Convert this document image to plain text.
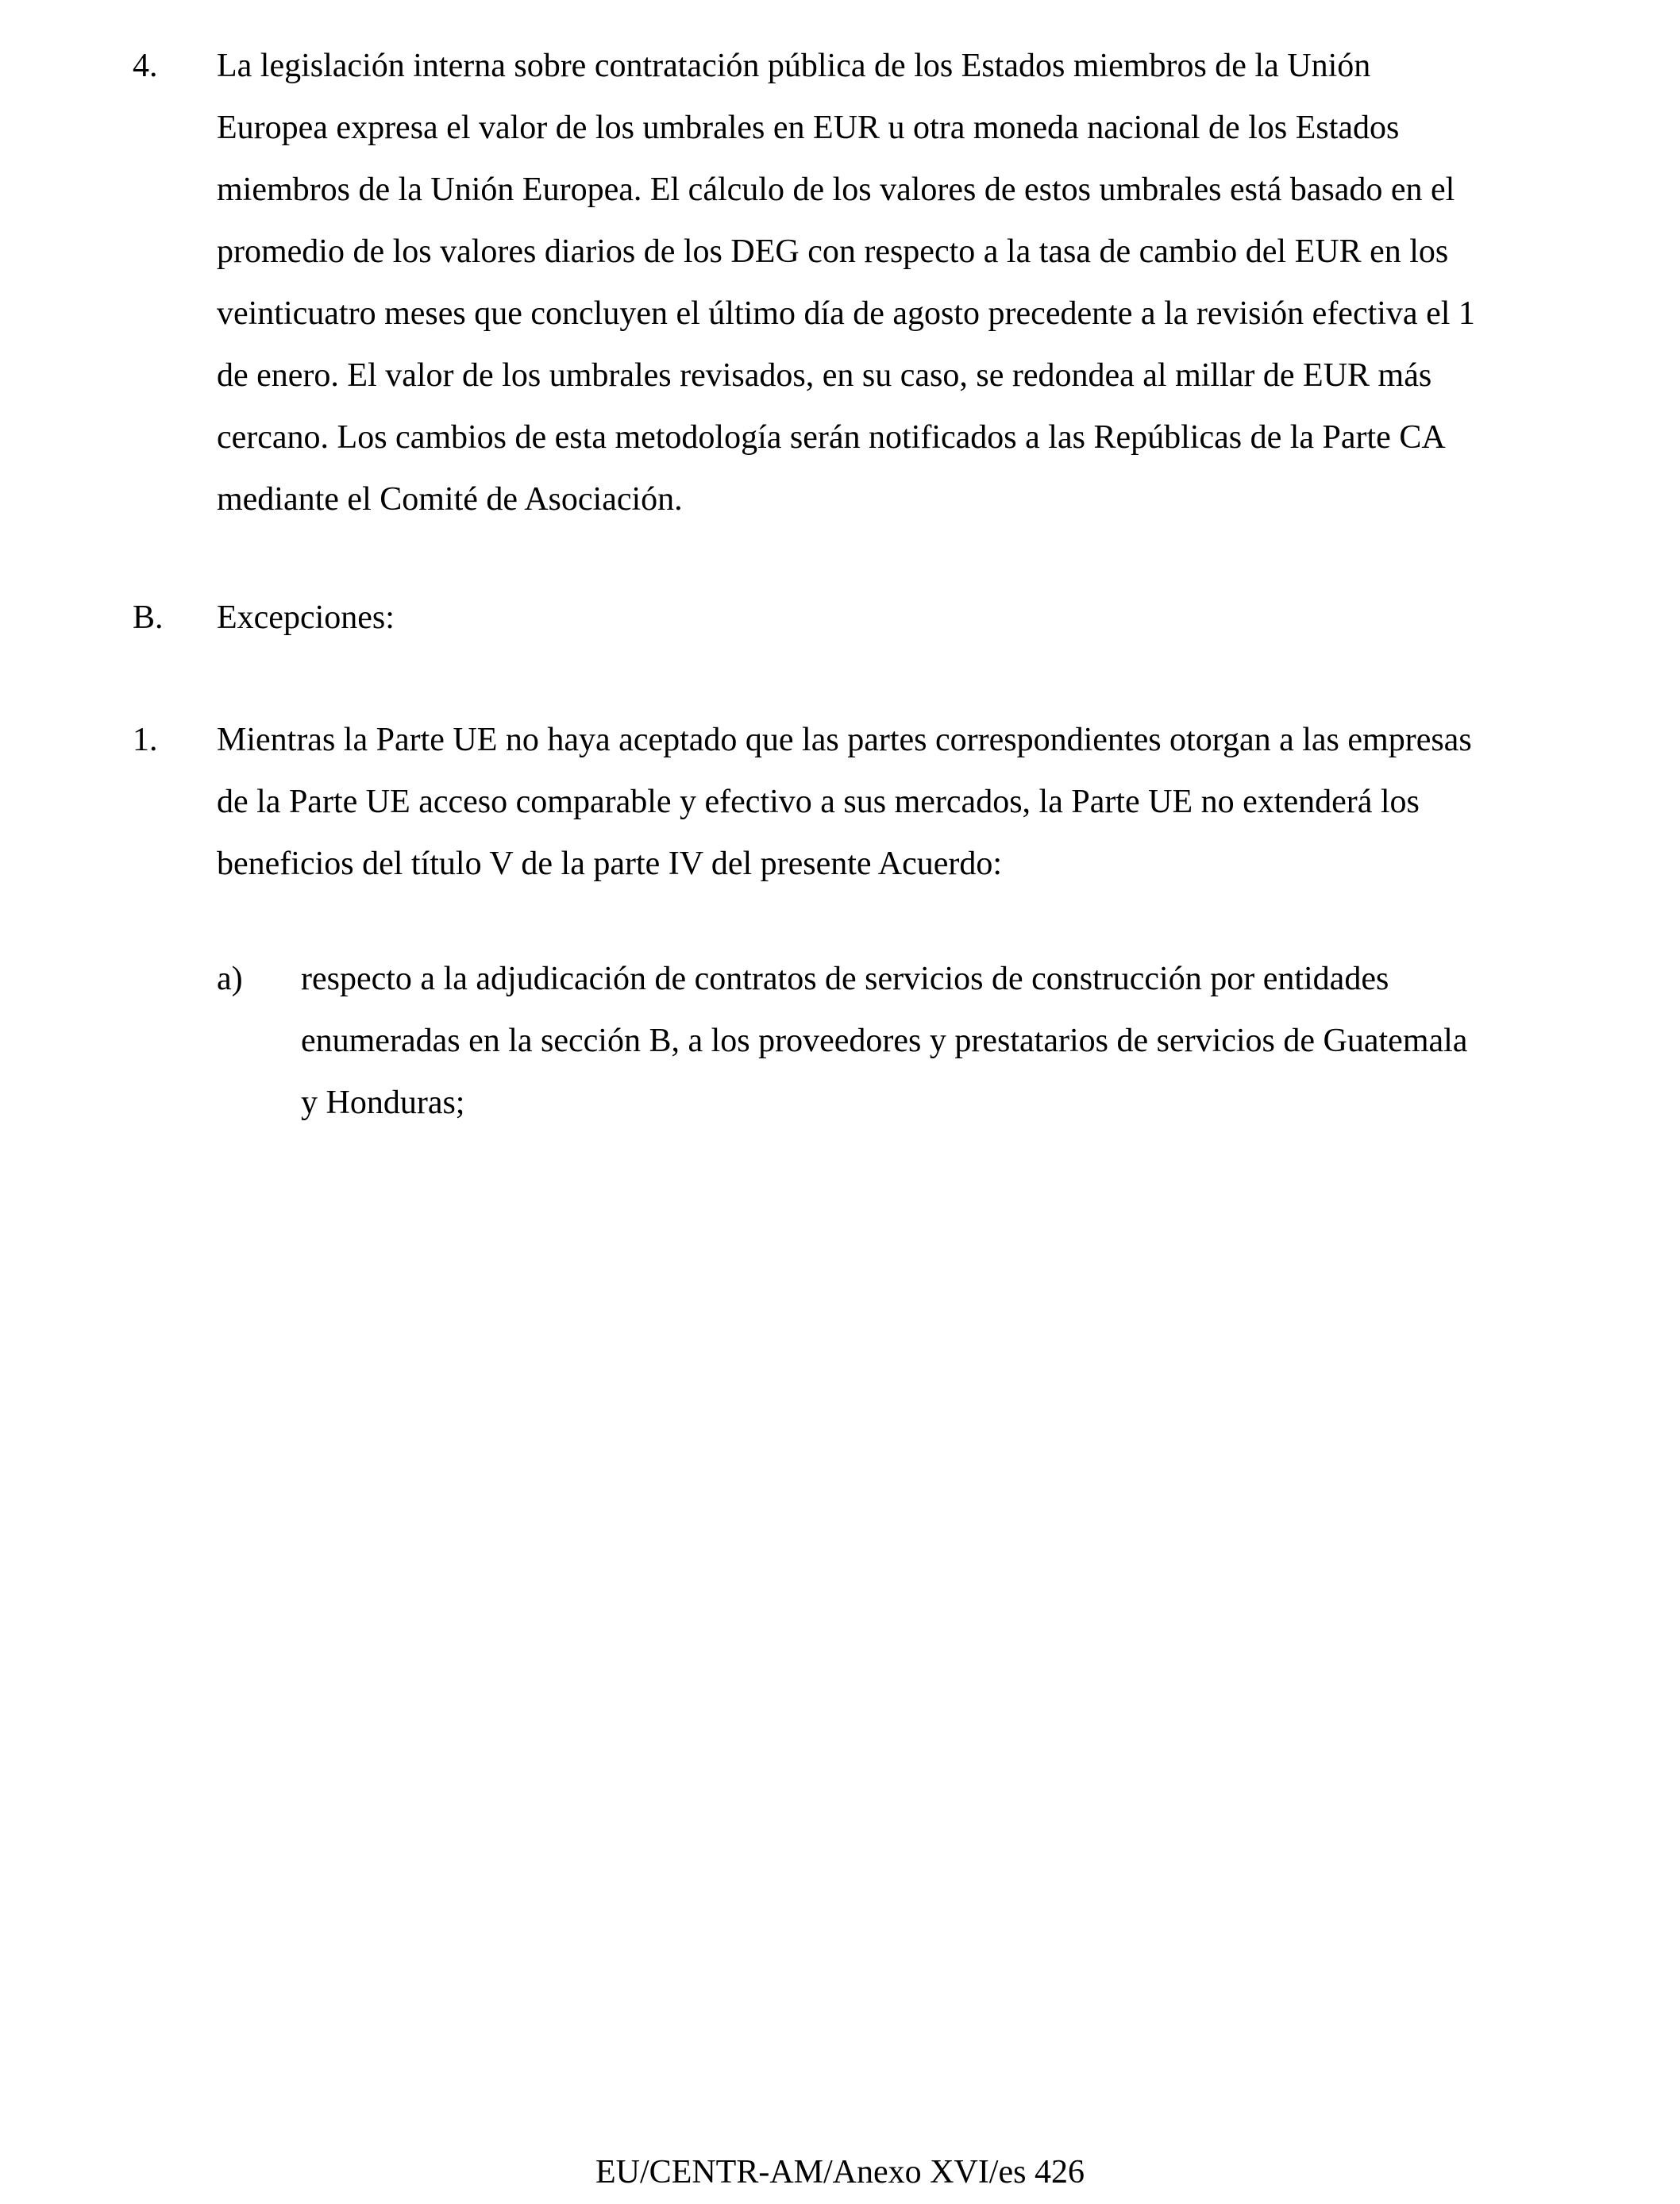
4. La legislación interna sobre contratación pública de los Estados miembros de la Unión
Europea expresa el valor de los umbrales en EUR u otra moneda nacional de los Estados
miembros de la Unión Europea. El cálculo de los valores de estos umbrales está basado en el
promedio de los valores diarios de los DEG con respecto a la tasa de cambio del EUR en los
veinticuatro meses que concluyen el último día de agosto precedente a la revisión efectiva el 1
de enero. El valor de los umbrales revisados, en su caso, se redondea al millar de EUR más
cercano. Los cambios de esta metodología serán notificados a las Repúblicas de la Parte CA
mediante el Comité de Asociación.
B. Excepciones:
1. Mientras la Parte UE no haya aceptado que las partes correspondientes otorgan a las empresas
de la Parte UE acceso comparable y efectivo a sus mercados, la Parte UE no extenderá los
beneficios del título V de la parte IV del presente Acuerdo:
a) respecto a la adjudicación de contratos de servicios de construcción por entidades
enumeradas en la sección B, a los proveedores y prestatarios de servicios de Guatemala
y Honduras;
EU/CENTR-AM/Anexo XVI/es 426
